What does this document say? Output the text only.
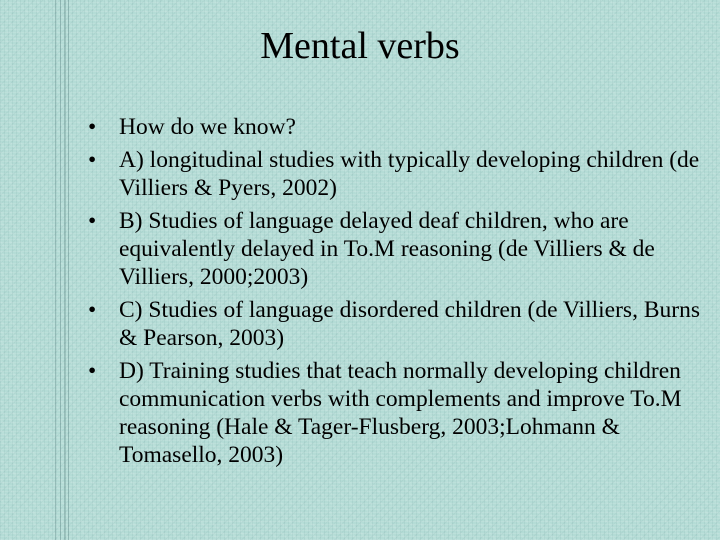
Mental verbs
• How do we know?
• A) longitudinal studies with typically developing children (de Villiers & Pyers, 2002)
• B) Studies of language delayed deaf children, who are equivalently delayed in To.M reasoning (de Villiers & de Villiers, 2000;2003)
• C) Studies of language disordered children (de Villiers, Burns & Pearson, 2003)
• D) Training studies that teach normally developing children communication verbs with complements and improve To.M reasoning (Hale & Tager-Flusberg, 2003;Lohmann & Tomasello, 2003)
